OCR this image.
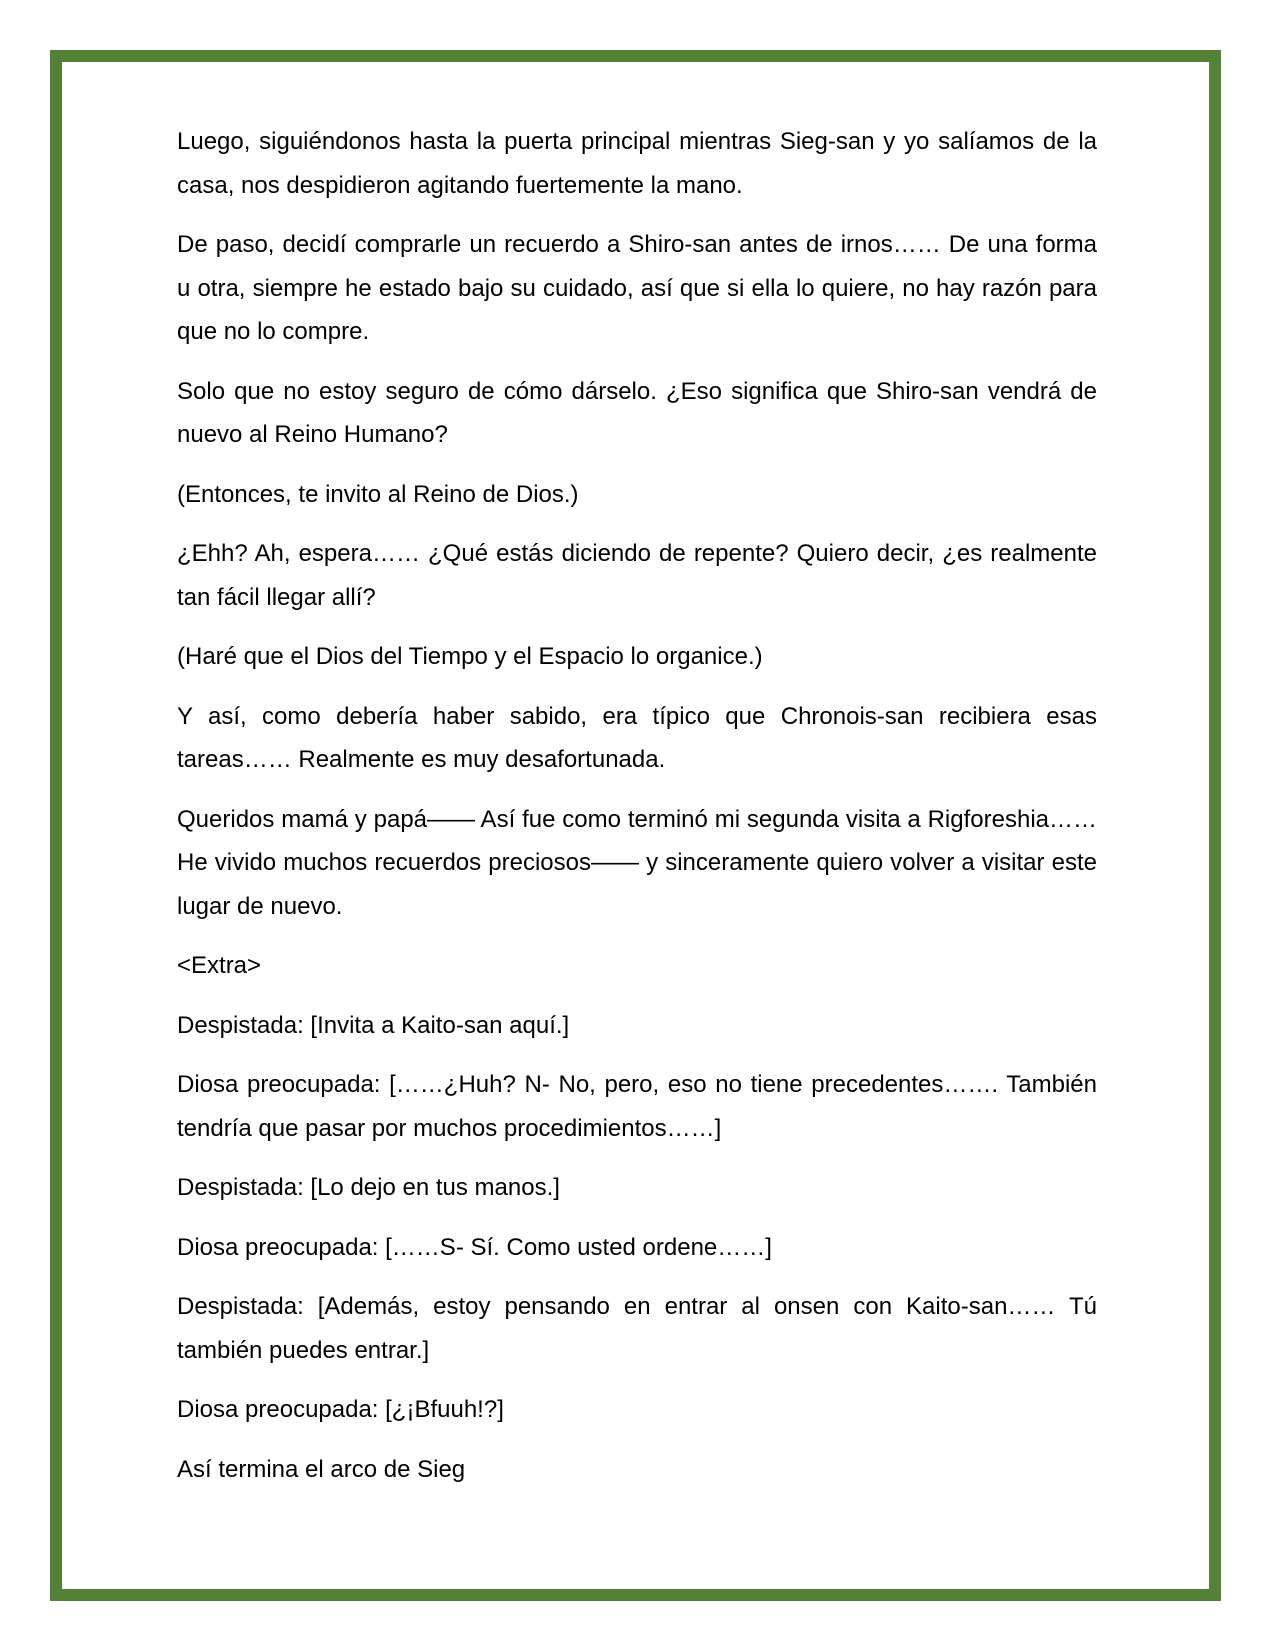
Luego, siguiéndonos hasta la puerta principal mientras Sieg-san y yo salíamos de la casa, nos despidieron agitando fuertemente la mano.

De paso, decidí comprarle un recuerdo a Shiro-san antes de irnos…… De una forma u otra, siempre he estado bajo su cuidado, así que si ella lo quiere, no hay razón para que no lo compre.

Solo que no estoy seguro de cómo dárselo. ¿Eso significa que Shiro-san vendrá de nuevo al Reino Humano?

(Entonces, te invito al Reino de Dios.)

¿Ehh? Ah, espera…… ¿Qué estás diciendo de repente? Quiero decir, ¿es realmente tan fácil llegar allí?

(Haré que el Dios del Tiempo y el Espacio lo organice.)

Y así, como debería haber sabido, era típico que Chronois-san recibiera esas tareas…… Realmente es muy desafortunada.

Queridos mamá y papá—— Así fue como terminó mi segunda visita a Rigforeshia…… He vivido muchos recuerdos preciosos—— y sinceramente quiero volver a visitar este lugar de nuevo.

<Extra>

Despistada: [Invita a Kaito-san aquí.]

Diosa preocupada: [……¿Huh? N- No, pero, eso no tiene precedentes……. También tendría que pasar por muchos procedimientos……]

Despistada: [Lo dejo en tus manos.]

Diosa preocupada: [……S- Sí. Como usted ordene……]

Despistada: [Además, estoy pensando en entrar al onsen con Kaito-san…… Tú también puedes entrar.]

Diosa preocupada: [¿¡Bfuuh!?]

Así termina el arco de Sieg
